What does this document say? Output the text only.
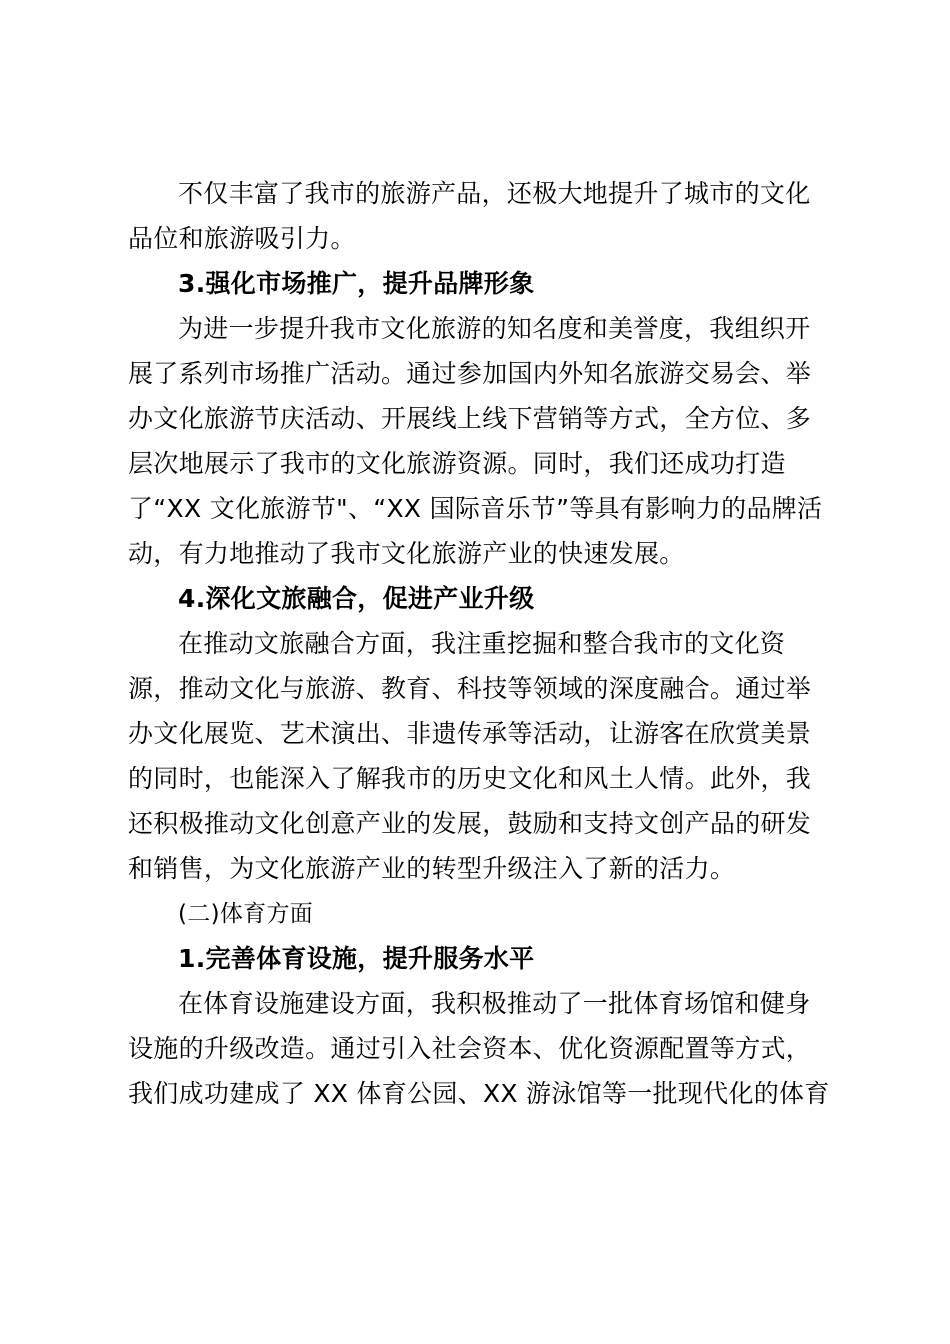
不仅丰富了我市的旅游产品，还极大地提升了城市的文化
品位和旅游吸引力。
3.强化市场推广，提升品牌形象
为进一步提升我市文化旅游的知名度和美誉度，我组织开
展了系列市场推广活动。通过参加国内外知名旅游交易会、举
办文化旅游节庆活动、开展线上线下营销等方式，全方位、多
层次地展示了我市的文化旅游资源。同时，我们还成功打造
了“XX 文化旅游节"、“XX 国际音乐节”等具有影响力的品牌活
动，有力地推动了我市文化旅游产业的快速发展。
4.深化文旅融合，促进产业升级
在推动文旅融合方面，我注重挖掘和整合我市的文化资
源，推动文化与旅游、教育、科技等领域的深度融合。通过举
办文化展览、艺术演出、非遗传承等活动，让游客在欣赏美景
的同时，也能深入了解我市的历史文化和风土人情。此外，我
还积极推动文化创意产业的发展，鼓励和支持文创产品的研发
和销售，为文化旅游产业的转型升级注入了新的活力。
(二)体育方面
1.完善体育设施，提升服务水平
在体育设施建设方面，我积极推动了一批体育场馆和健身
设施的升级改造。通过引入社会资本、优化资源配置等方式，
我们成功建成了 XX 体育公园、XX 游泳馆等一批现代化的体育
